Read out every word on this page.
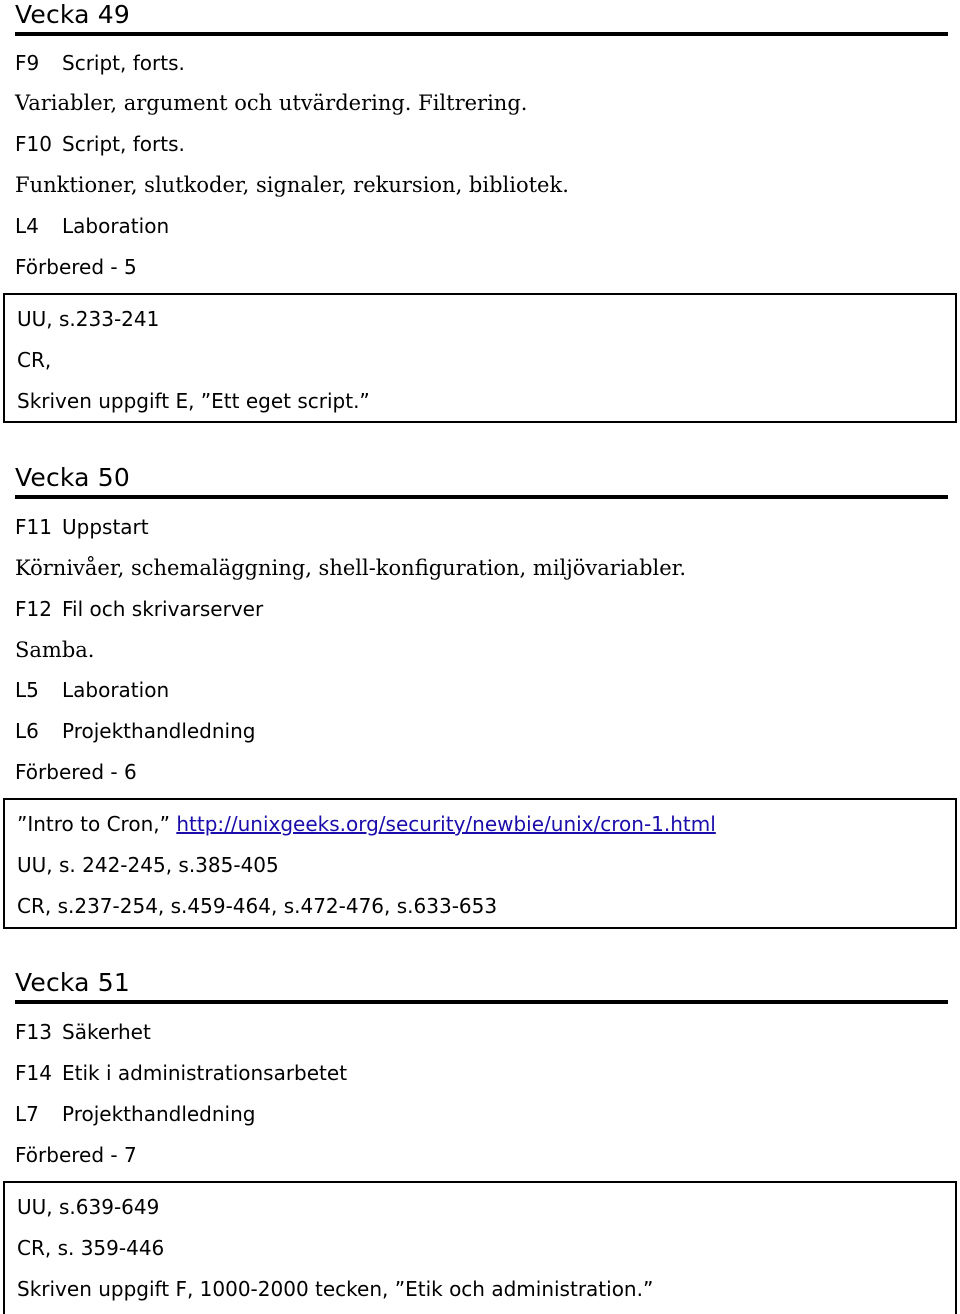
Vecka 49
F9 Script, forts.
Variabler, argument och utvärdering. Filtrering.
F10 Script, forts.
Funktioner, slutkoder, signaler, rekursion, bibliotek.
L4 Laboration
Förbered - 5
UU, s.233-241
CR,
Skriven uppgift E, ”Ett eget script.”
Vecka 50
F11 Uppstart
Körnivåer, schemaläggning, shell-konfiguration, miljövariabler.
F12 Fil och skrivarserver
Samba.
L5 Laboration
L6 Projekthandledning
Förbered - 6
”Intro to Cron,” http://unixgeeks.org/security/newbie/unix/cron-1.html
UU, s. 242-245, s.385-405
CR, s.237-254, s.459-464, s.472-476, s.633-653
Vecka 51
F13 Säkerhet
F14 Etik i administrationsarbetet
L7 Projekthandledning
Förbered - 7
UU, s.639-649
CR, s. 359-446
Skriven uppgift F, 1000-2000 tecken, ”Etik och administration.”
